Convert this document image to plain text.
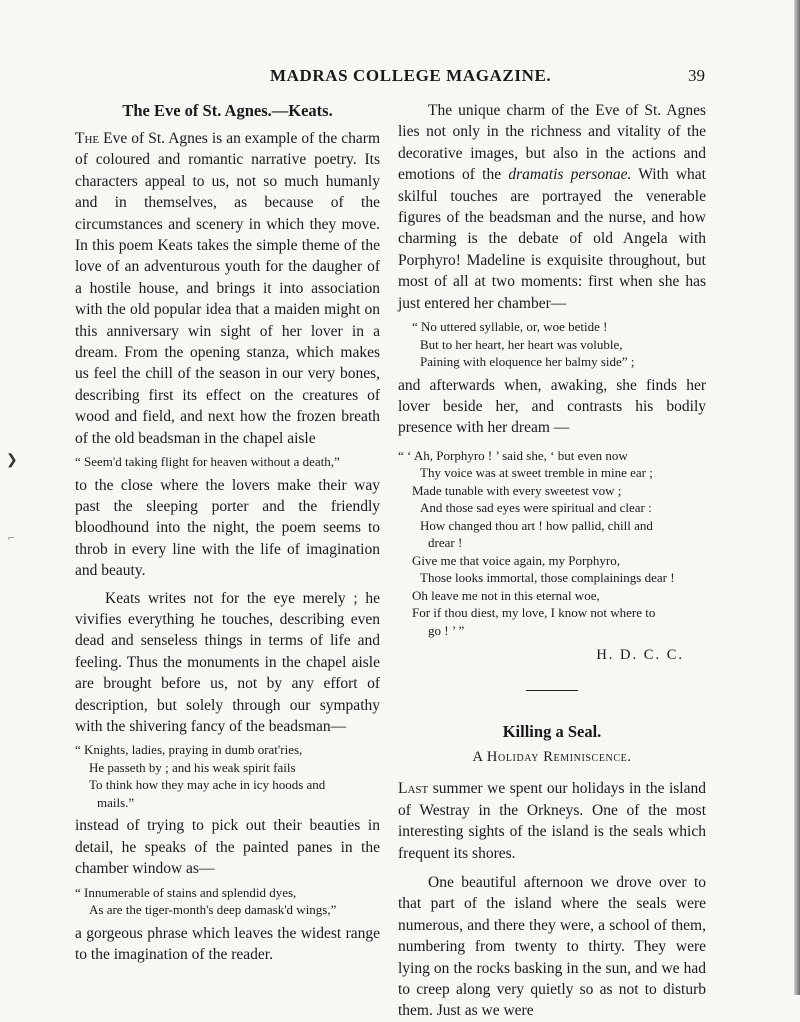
❯
⌐
MADRAS COLLEGE MAGAZINE.	39
The Eve of St. Agnes.—Keats.

The Eve of St. Agnes is an example of the charm of coloured and romantic narrative poetry. Its characters appeal to us, not so much humanly and in themselves, as because of the circumstances and scenery in which they move. In this poem Keats takes the simple theme of the love of an adventurous youth for the daugher of a hostile house, and brings it into association with the old popular idea that a maiden might on this anniversary win sight of her lover in a dream. From the opening stanza, which makes us feel the chill of the season in our very bones, describing first its effect on the creatures of wood and field, and next how the frozen breath of the old beadsman in the chapel aisle

“ Seem'd taking flight for heaven without a death,”

to the close where the lovers make their way past the sleeping porter and the friendly bloodhound into the night, the poem seems to throb in every line with the life of imagination and beauty.

Keats writes not for the eye merely ; he vivifies everything he touches, describing even dead and senseless things in terms of life and feeling. Thus the monuments in the chapel aisle are brought before us, not by any effort of description, but solely through our sympathy with the shivering fancy of the beadsman—

“ Knights, ladies, praying in dumb orat'ries,
He passeth by ; and his weak spirit fails
To think how they may ache in icy hoods and
mails.”

instead of trying to pick out their beauties in detail, he speaks of the painted panes in the chamber window as—

“ Innumerable of stains and splendid dyes,
As are the tiger-month's deep damask'd wings,”

a gorgeous phrase which leaves the widest range to the imagination of the reader.

The unique charm of the Eve of St. Agnes lies not only in the richness and vitality of the decorative images, but also in the actions and emotions of the dramatis personae. With what skilful touches are portrayed the venerable figures of the beadsman and the nurse, and how charming is the debate of old Angela with Porphyro! Madeline is exquisite throughout, but most of all at two moments: first when she has just entered her chamber—

“ No uttered syllable, or, woe betide !
But to her heart, her heart was voluble,
Paining with eloquence her balmy side” ;

and afterwards when, awaking, she finds her lover beside her, and contrasts his bodily presence with her dream —

“ ‘ Ah, Porphyro ! ’ said she, ‘ but even now
Thy voice was at sweet tremble in mine ear ;
Made tunable with every sweetest vow ;
And those sad eyes were spiritual and clear :
How changed thou art ! how pallid, chill and
drear !
Give me that voice again, my Porphyro,
Those looks immortal, those complainings dear !
Oh leave me not in this eternal woe,
For if thou diest, my love, I know not where to
go ! ’ ”
H. D. C. C.
Killing a Seal.
A Holiday Reminiscence.

Last summer we spent our holidays in the island of Westray in the Orkneys. One of the most interesting sights of the island is the seals which frequent its shores.

One beautiful afternoon we drove over to that part of the island where the seals were numerous, and there they were, a school of them, numbering from twenty to thirty. They were lying on the rocks basking in the sun, and we had to creep along very quietly so as not to disturb them. Just as we were
